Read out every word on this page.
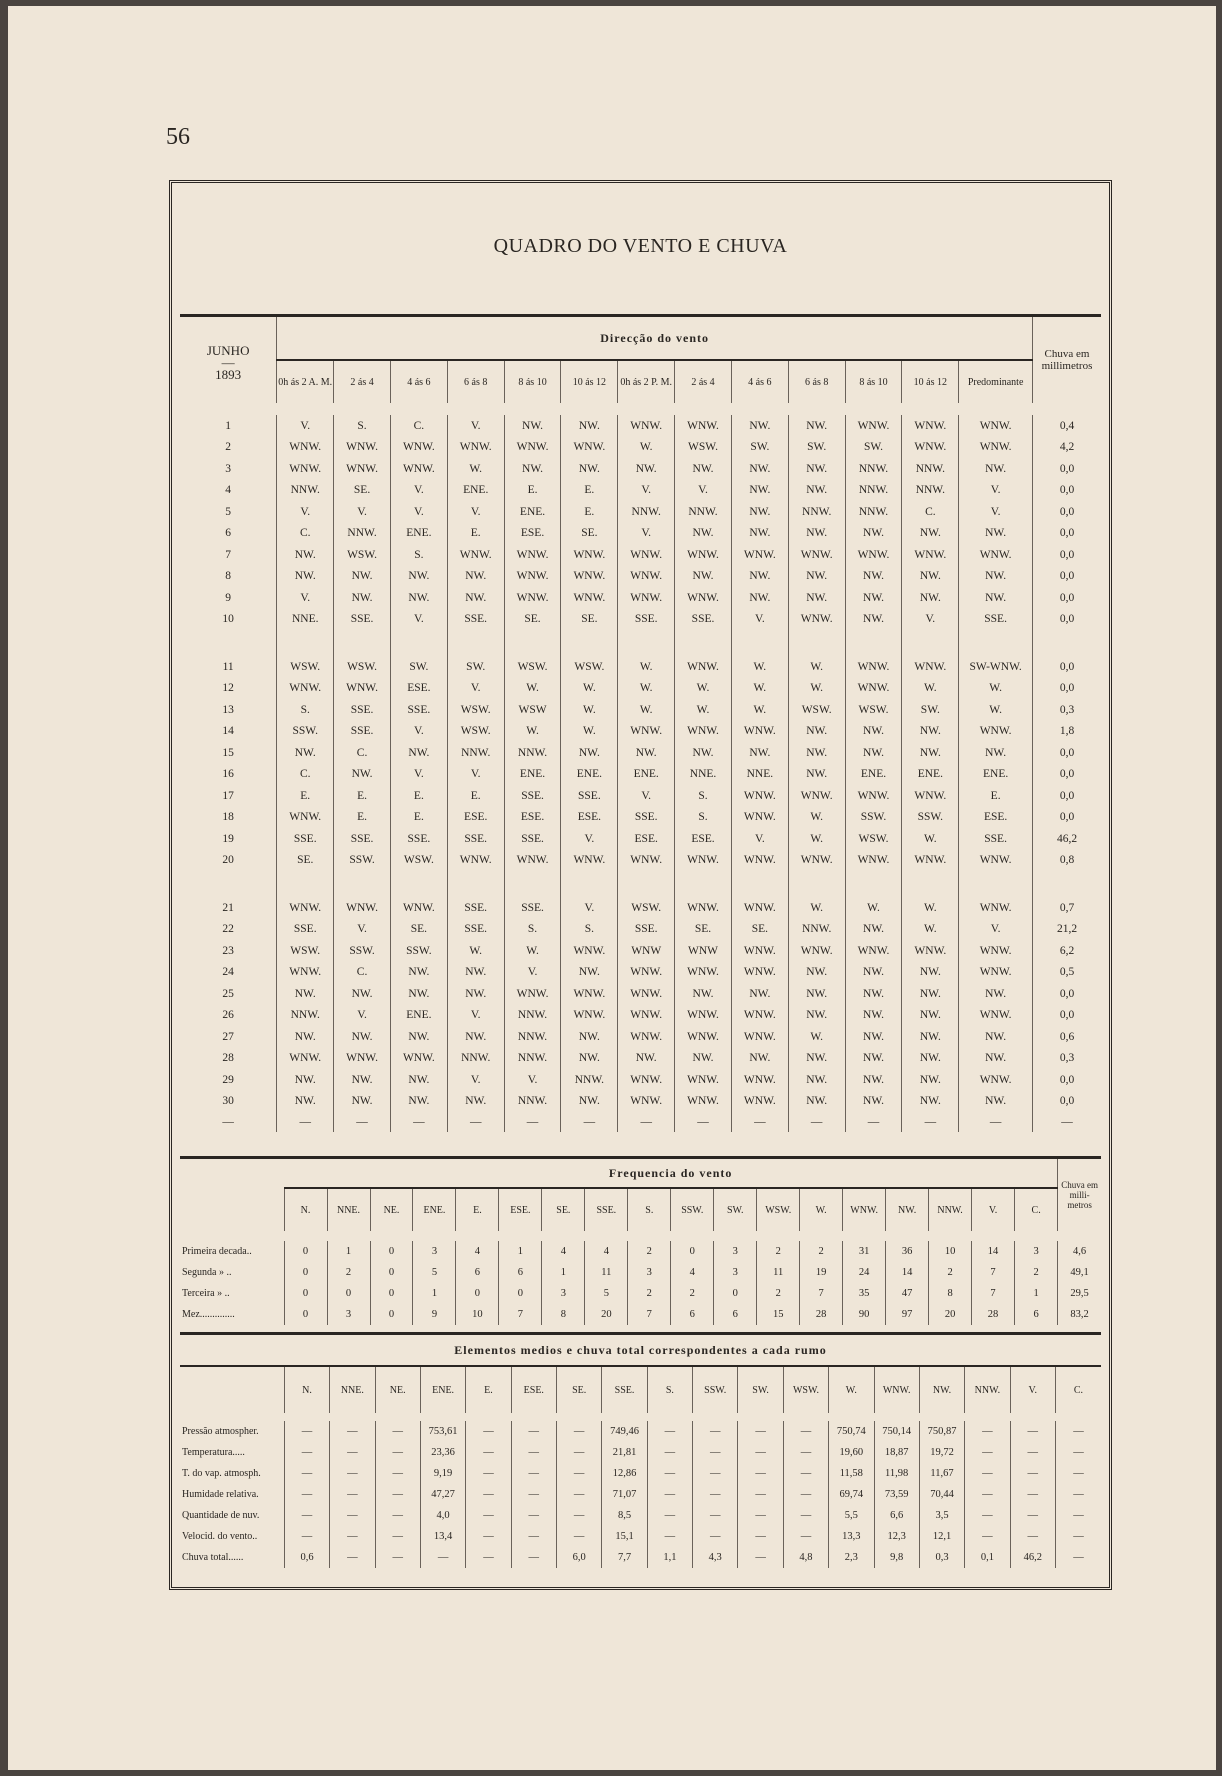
56
QUADRO DO VENTO E CHUVA
JUNHO
—
1893	Direcção do vento													Chuva em millimetros
	0h ás 2 A. M.	2 ás 4	4 ás 6	6 ás 8	8 ás 10	10 ás 12	0h ás 2 P. M.	2 ás 4	4 ás 6	6 ás 8	8 ás 10	10 ás 12	Predominante	

1	V.	S.	C.	V.	NW.	NW.	WNW.	WNW.	NW.	NW.	WNW.	WNW.	WNW.	0,4
2	WNW.	WNW.	WNW.	WNW.	WNW.	WNW.	W.	WSW.	SW.	SW.	SW.	WNW.	WNW.	4,2
3	WNW.	WNW.	WNW.	W.	NW.	NW.	NW.	NW.	NW.	NW.	NNW.	NNW.	NW.	0,0
4	NNW.	SE.	V.	ENE.	E.	E.	V.	V.	NW.	NW.	NNW.	NNW.	V.	0,0
5	V.	V.	V.	V.	ENE.	E.	NNW.	NNW.	NW.	NNW.	NNW.	C.	V.	0,0
6	C.	NNW.	ENE.	E.	ESE.	SE.	V.	NW.	NW.	NW.	NW.	NW.	NW.	0,0
7	NW.	WSW.	S.	WNW.	WNW.	WNW.	WNW.	WNW.	WNW.	WNW.	WNW.	WNW.	WNW.	0,0
8	NW.	NW.	NW.	NW.	WNW.	WNW.	WNW.	NW.	NW.	NW.	NW.	NW.	NW.	0,0
9	V.	NW.	NW.	NW.	WNW.	WNW.	WNW.	WNW.	NW.	NW.	NW.	NW.	NW.	0,0
10	NNE.	SSE.	V.	SSE.	SE.	SE.	SSE.	SSE.	V.	WNW.	NW.	V.	SSE.	0,0

11	WSW.	WSW.	SW.	SW.	WSW.	WSW.	W.	WNW.	W.	W.	WNW.	WNW.	SW-WNW.	0,0
12	WNW.	WNW.	ESE.	V.	W.	W.	W.	W.	W.	W.	WNW.	W.	W.	0,0
13	S.	SSE.	SSE.	WSW.	WSW	W.	W.	W.	W.	WSW.	WSW.	SW.	W.	0,3
14	SSW.	SSE.	V.	WSW.	W.	W.	WNW.	WNW.	WNW.	NW.	NW.	NW.	WNW.	1,8
15	NW.	C.	NW.	NNW.	NNW.	NW.	NW.	NW.	NW.	NW.	NW.	NW.	NW.	0,0
16	C.	NW.	V.	V.	ENE.	ENE.	ENE.	NNE.	NNE.	NW.	ENE.	ENE.	ENE.	0,0
17	E.	E.	E.	E.	SSE.	SSE.	V.	S.	WNW.	WNW.	WNW.	WNW.	E.	0,0
18	WNW.	E.	E.	ESE.	ESE.	ESE.	SSE.	S.	WNW.	W.	SSW.	SSW.	ESE.	0,0
19	SSE.	SSE.	SSE.	SSE.	SSE.	V.	ESE.	ESE.	V.	W.	WSW.	W.	SSE.	46,2
20	SE.	SSW.	WSW.	WNW.	WNW.	WNW.	WNW.	WNW.	WNW.	WNW.	WNW.	WNW.	WNW.	0,8

21	WNW.	WNW.	WNW.	SSE.	SSE.	V.	WSW.	WNW.	WNW.	W.	W.	W.	WNW.	0,7
22	SSE.	V.	SE.	SSE.	S.	S.	SSE.	SE.	SE.	NNW.	NW.	W.	V.	21,2
23	WSW.	SSW.	SSW.	W.	W.	WNW.	WNW	WNW	WNW.	WNW.	WNW.	WNW.	WNW.	6,2
24	WNW.	C.	NW.	NW.	V.	NW.	WNW.	WNW.	WNW.	NW.	NW.	NW.	WNW.	0,5
25	NW.	NW.	NW.	NW.	WNW.	WNW.	WNW.	NW.	NW.	NW.	NW.	NW.	NW.	0,0
26	NNW.	V.	ENE.	V.	NNW.	WNW.	WNW.	WNW.	WNW.	NW.	NW.	NW.	WNW.	0,0
27	NW.	NW.	NW.	NW.	NNW.	NW.	WNW.	WNW.	WNW.	W.	NW.	NW.	NW.	0,6
28	WNW.	WNW.	WNW.	NNW.	NNW.	NW.	NW.	NW.	NW.	NW.	NW.	NW.	NW.	0,3
29	NW.	NW.	NW.	V.	V.	NNW.	WNW.	WNW.	WNW.	NW.	NW.	NW.	WNW.	0,0
30	NW.	NW.	NW.	NW.	NNW.	NW.	WNW.	WNW.	WNW.	NW.	NW.	NW.	NW.	0,0
—	—	—	—	—	—	—	—	—	—	—	—	—	—	—
	Frequencia do vento																		Chuva em milli- metros
	N.	NNE.	NE.	ENE.	E.	ESE.	SE.	SSE.	S.	SSW.	SW.	WSW.	W.	WNW.	NW.	NNW.	V.	C.	

Primeira decada..	0	1	0	3	4	1	4	4	2	0	3	2	2	31	36	10	14	3	4,6
Segunda » ..	0	2	0	5	6	6	1	11	3	4	3	11	19	24	14	2	7	2	49,1
Terceira » ..	0	0	0	1	0	0	3	5	2	2	0	2	7	35	47	8	7	1	29,5
Mez..............	0	3	0	9	10	7	8	20	7	6	6	15	28	90	97	20	28	6	83,2
Elementos medios e chuva total correspondentes a cada rumo																		
	N.	NNE.	NE.	ENE.	E.	ESE.	SE.	SSE.	S.	SSW.	SW.	WSW.	W.	WNW.	NW.	NNW.	V.	C.

Pressão atmospher.	—	—	—	753,61	—	—	—	749,46	—	—	—	—	750,74	750,14	750,87	—	—	—
Temperatura.....	—	—	—	23,36	—	—	—	21,81	—	—	—	—	19,60	18,87	19,72	—	—	—
T. do vap. atmosph.	—	—	—	9,19	—	—	—	12,86	—	—	—	—	11,58	11,98	11,67	—	—	—
Humidade relativa.	—	—	—	47,27	—	—	—	71,07	—	—	—	—	69,74	73,59	70,44	—	—	—
Quantidade de nuv.	—	—	—	4,0	—	—	—	8,5	—	—	—	—	5,5	6,6	3,5	—	—	—
Velocid. do vento..	—	—	—	13,4	—	—	—	15,1	—	—	—	—	13,3	12,3	12,1	—	—	—
Chuva total......	0,6	—	—	—	—	—	6,0	7,7	1,1	4,3	—	4,8	2,3	9,8	0,3	0,1	46,2	—
